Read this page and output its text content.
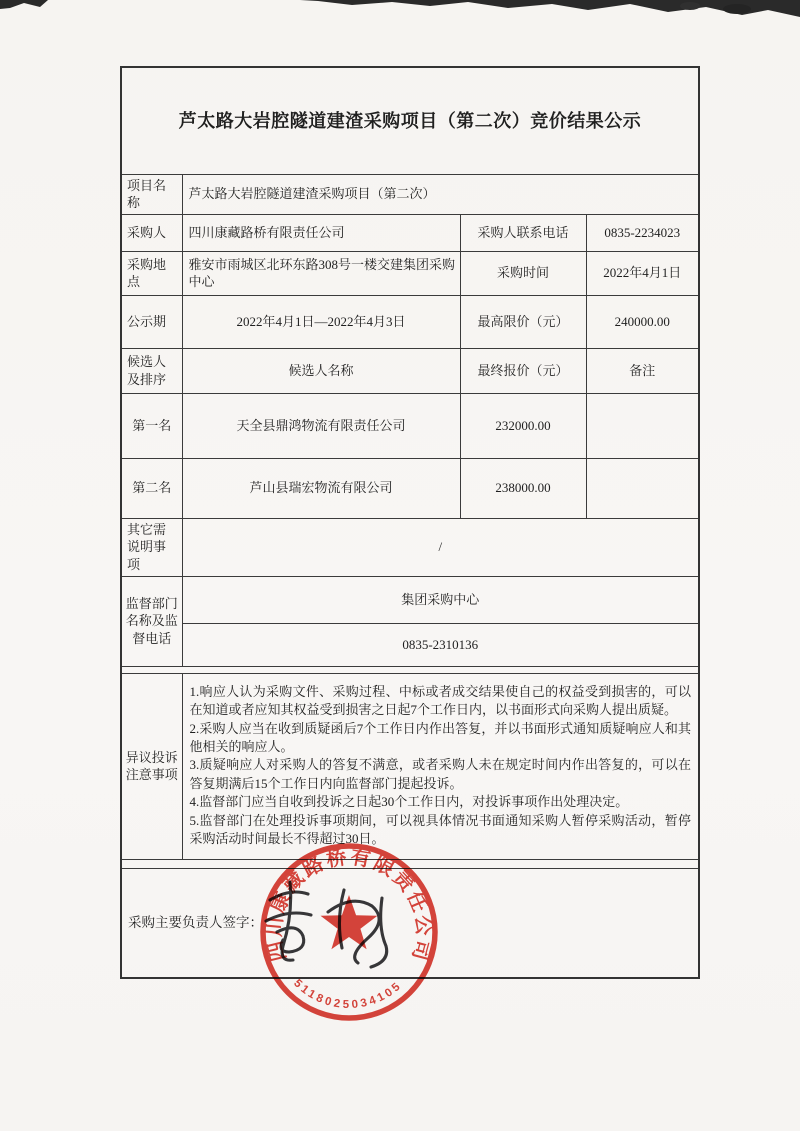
芦太路大岩腔隧道建渣采购项目（第二次）竞价结果公示			
项目名称	芦太路大岩腔隧道建渣采购项目（第二次）		
采购人	四川康藏路桥有限责任公司	采购人联系电话	0835-2234023
采购地点	雅安市雨城区北环东路308号一楼交建集团采购中心	采购时间	2022年4月1日
公示期	2022年4月1日—2022年4月3日	最高限价（元）	240000.00
候选人及排序	候选人名称	最终报价（元）	备注
第一名	天全县鼎鸿物流有限责任公司	232000.00	
第二名	芦山县瑞宏物流有限公司	238000.00	
其它需说明事项	/		
监督部门名称及监督电话	集团采购中心		
	0835-2310136		

异议投诉注意事项	1.响应人认为采购文件、采购过程、中标或者成交结果使自己的权益受到损害的，可以在知道或者应知其权益受到损害之日起7个工作日内，以书面形式向采购人提出质疑。

2.采购人应当在收到质疑函后7个工作日内作出答复，并以书面形式通知质疑响应人和其他相关的响应人。

3.质疑响应人对采购人的答复不满意，或者采购人未在规定时间内作出答复的，可以在答复期满后15个工作日内向监督部门提起投诉。

4.监督部门应当自收到投诉之日起30个工作日内，对投诉事项作出处理决定。

5.监督部门在处理投诉事项期间，可以视具体情况书面通知采购人暂停采购活动，暂停采购活动时间最长不得超过30日。		

采购主要负责人签字：			
四川康藏路桥有限责任公司
5118025034105
